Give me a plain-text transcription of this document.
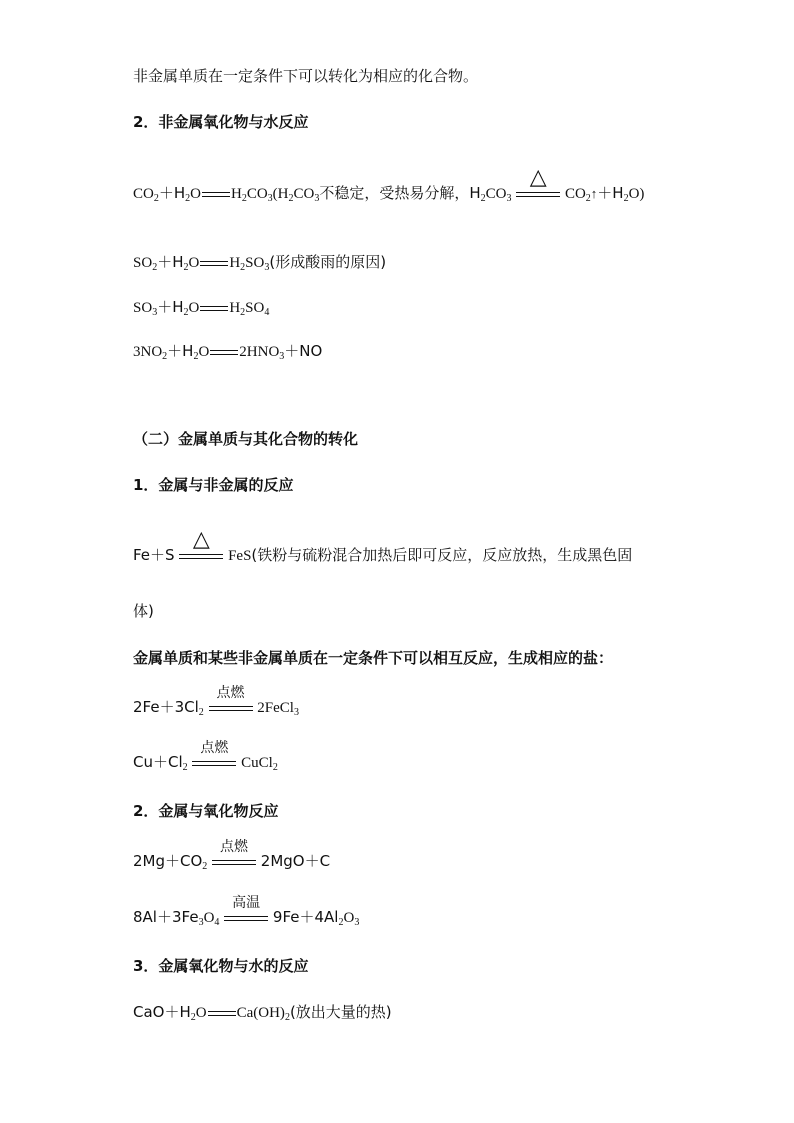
非金属单质在一定条件下可以转化为相应的化合物。
2．非金属氧化物与水反应
$CO_2+H_2O$ $H_2CO_3(H_2CO_3$不稳定，受热易分解，$H_2CO_3$
△
$CO_2↑+H_2O$)
$SO_2+H_2O$ $H_2SO_3$(形成酸雨的原因)
$SO_3+H_2O$ $H_2SO_4$
$3NO_2+H_2O$ $2HNO_3+NO$
（二）金属单质与其化合物的转化
1．金属与非金属的反应
Fe＋S
△
FeS(铁粉与硫粉混合加热后即可反应，反应放热，生成黑色固
体)
金属单质和某些非金属单质在一定条件下可以相互反应，生成相应的盐：
$2Fe+3Cl_2$
点燃
2FeCl$_3$
$Cu+Cl_2$
点燃
CuCl$_2$
2．金属与氧化物反应
$2Mg+CO_2$
点燃
2MgO＋C
$8Al+3Fe_3O_4$
高温
$9Fe+4Al_2O_3$
3．金属氧化物与水的反应
$CaO+H_2O$ $Ca(OH)_2$(放出大量的热)
